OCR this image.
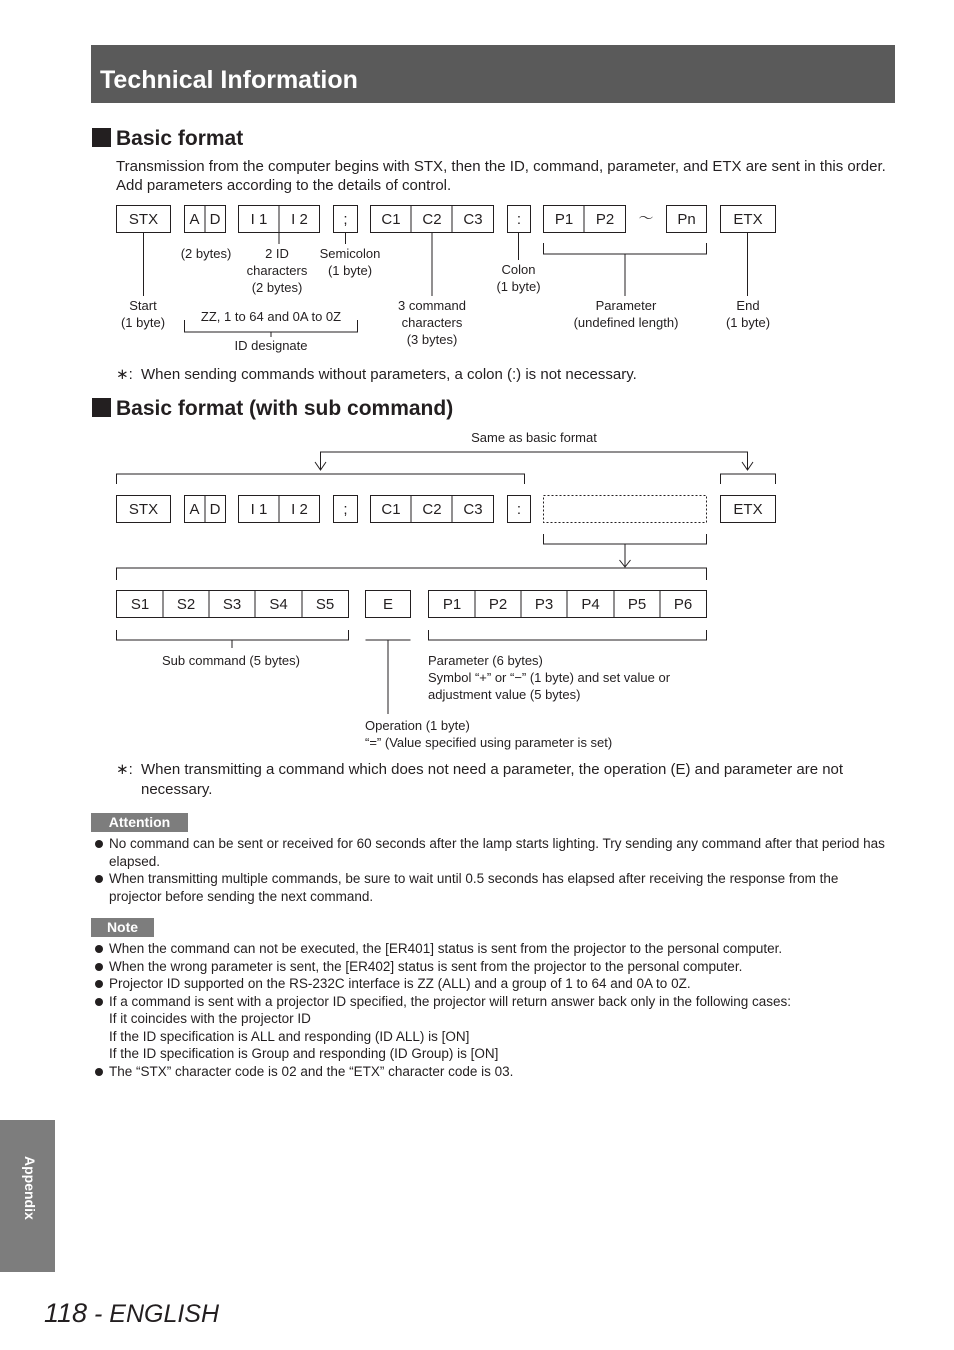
Technical Information
Basic format
Transmission from the computer begins with STX, then the ID, command, parameter, and ETX are sent in this order. Add parameters according to the details of control.
STX A D I 1 I 2 ; C1 C2 C3 : P1 P2 ～ Pn	ETX
(2 bytes)	2 ID
characters
(2 bytes)
Semicolon
(1 byte)	Colon
(1 byte)
Start
(1 byte)	ZZ, 1 to 64 and 0A to 0Z
ID designate
3 command
characters
(3 bytes)
Parameter
(undefined length)
End
(1 byte)
∗: When sending commands without parameters, a colon (:) is not necessary.
Basic format (with sub command)
Same as basic format
STX A D I 1 I 2 ; C1 C2 C3 :	ETX
S1 S2 S3 S4 S5	E	P1 P2 P3 P4 P5 P6
Sub command (5 bytes)	Parameter (6 bytes)
Symbol “+” or “−” (1 byte) and set value or
adjustment value (5 bytes)
Operation (1 byte)
“=” (Value specified using parameter is set)
∗: When transmitting a command which does not need a parameter, the operation (E) and parameter are not necessary.
Attention
No command can be sent or received for 60 seconds after the lamp starts lighting. Try sending any command after that period has elapsed.
When transmitting multiple commands, be sure to wait until 0.5 seconds has elapsed after receiving the response from the projector before sending the next command.
Note
When the command can not be executed, the [ER401] status is sent from the projector to the personal computer.
When the wrong parameter is sent, the [ER402] status is sent from the projector to the personal computer.
Projector ID supported on the RS-232C interface is ZZ (ALL) and a group of 1 to 64 and 0A to 0Z.
If a command is sent with a projector ID specified, the projector will return answer back only in the following cases:
If it coincides with the projector ID
If the ID specification is ALL and responding (ID ALL) is [ON]
If the ID specification is Group and responding (ID Group) is [ON]
The “STX” character code is 02 and the “ETX” character code is 03.
Appendix
118 - ENGLISH
